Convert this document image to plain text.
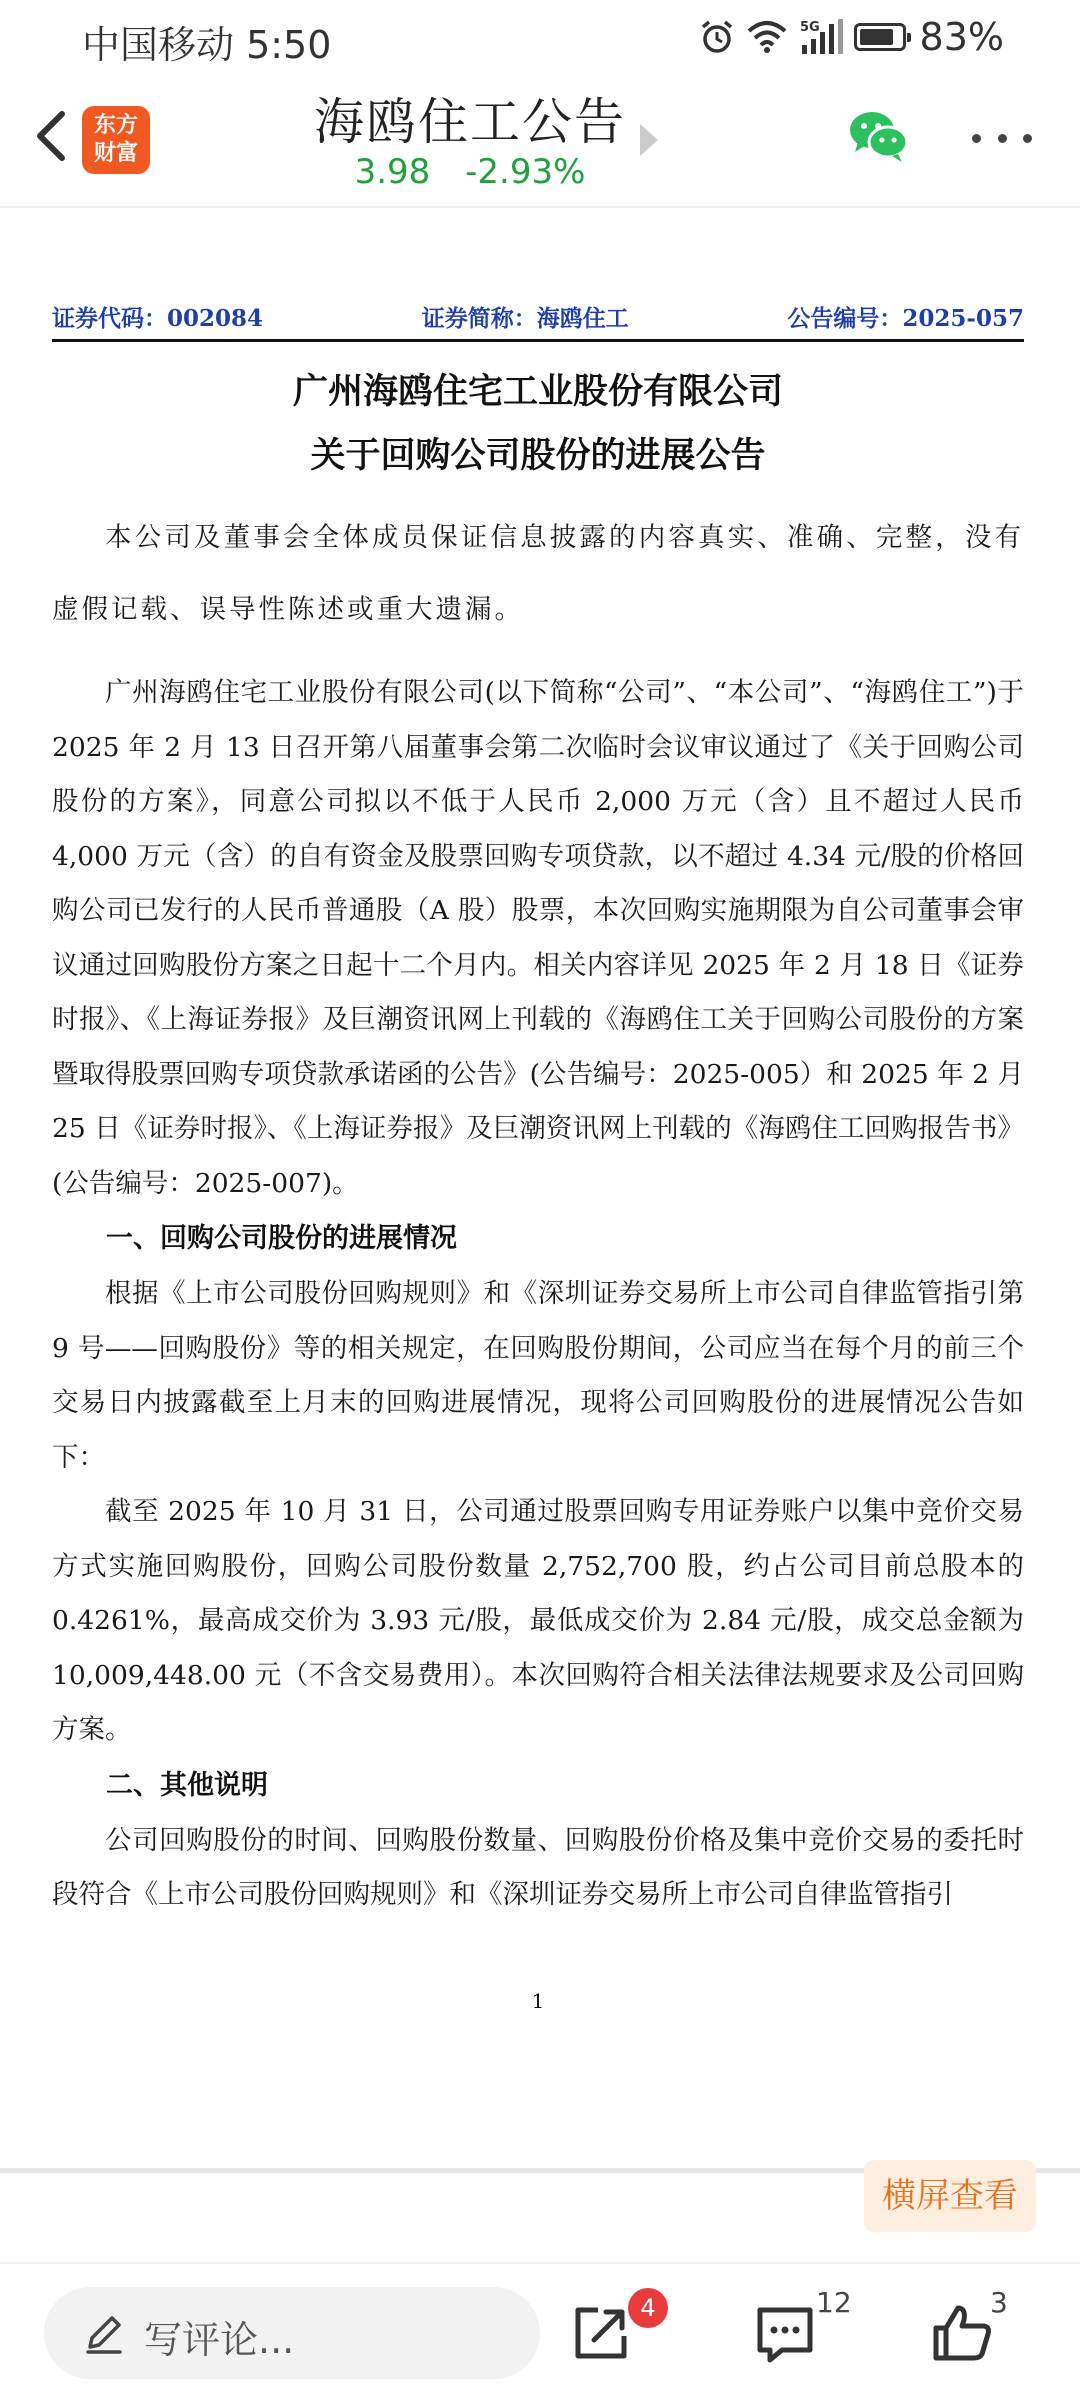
中国移动 5:50	5G	83%
东方
财富
海鸥住工公告
3.98 -2.93%
证券代码：002084	证券简称：海鸥住工	公告编号：2025-057
广州海鸥住宅工业股份有限公司
关于回购公司股份的进展公告

本公司及董事会全体成员保证信息披露的内容真实、准确、完整，没有虚假记载、误导性陈述或重大遗漏。

广州海鸥住宅工业股份有限公司(以下简称“公司”、“本公司”、“海鸥住工”)于 2025 年 2 月 13 日召开第八届董事会第二次临时会议审议通过了《关于回购公司股份的方案》，同意公司拟以不低于人民币 2,000 万元（含）且不超过人民币 4,000 万元（含）的自有资金及股票回购专项贷款，以不超过 4.34 元/股的价格回购公司已发行的人民币普通股（A 股）股票，本次回购实施期限为自公司董事会审议通过回购股份方案之日起十二个月内。相关内容详见 2025 年 2 月 18 日《证券时报》、《上海证券报》及巨潮资讯网上刊载的《海鸥住工关于回购公司股份的方案暨取得股票回购专项贷款承诺函的公告》(公告编号：2025-005）和 2025 年 2 月 25 日《证券时报》、《上海证券报》及巨潮资讯网上刊载的《海鸥住工回购报告书》(公告编号：2025-007)。

一、回购公司股份的进展情况

根据《上市公司股份回购规则》和《深圳证券交易所上市公司自律监管指引第 9 号——回购股份》等的相关规定，在回购股份期间，公司应当在每个月的前三个交易日内披露截至上月末的回购进展情况，现将公司回购股份的进展情况公告如下：

截至 2025 年 10 月 31 日，公司通过股票回购专用证券账户以集中竞价交易方式实施回购股份，回购公司股份数量 2,752,700 股，约占公司目前总股本的 0.4261%，最高成交价为 3.93 元/股，最低成交价为 2.84 元/股，成交总金额为 10,009,448.00 元（不含交易费用）。本次回购符合相关法律法规要求及公司回购方案。

二、其他说明

公司回购股份的时间、回购股份数量、回购股份价格及集中竞价交易的委托时段符合《上市公司股份回购规则》和《深圳证券交易所上市公司自律监管指引

1
横屏查看
写评论...
4	12	3
